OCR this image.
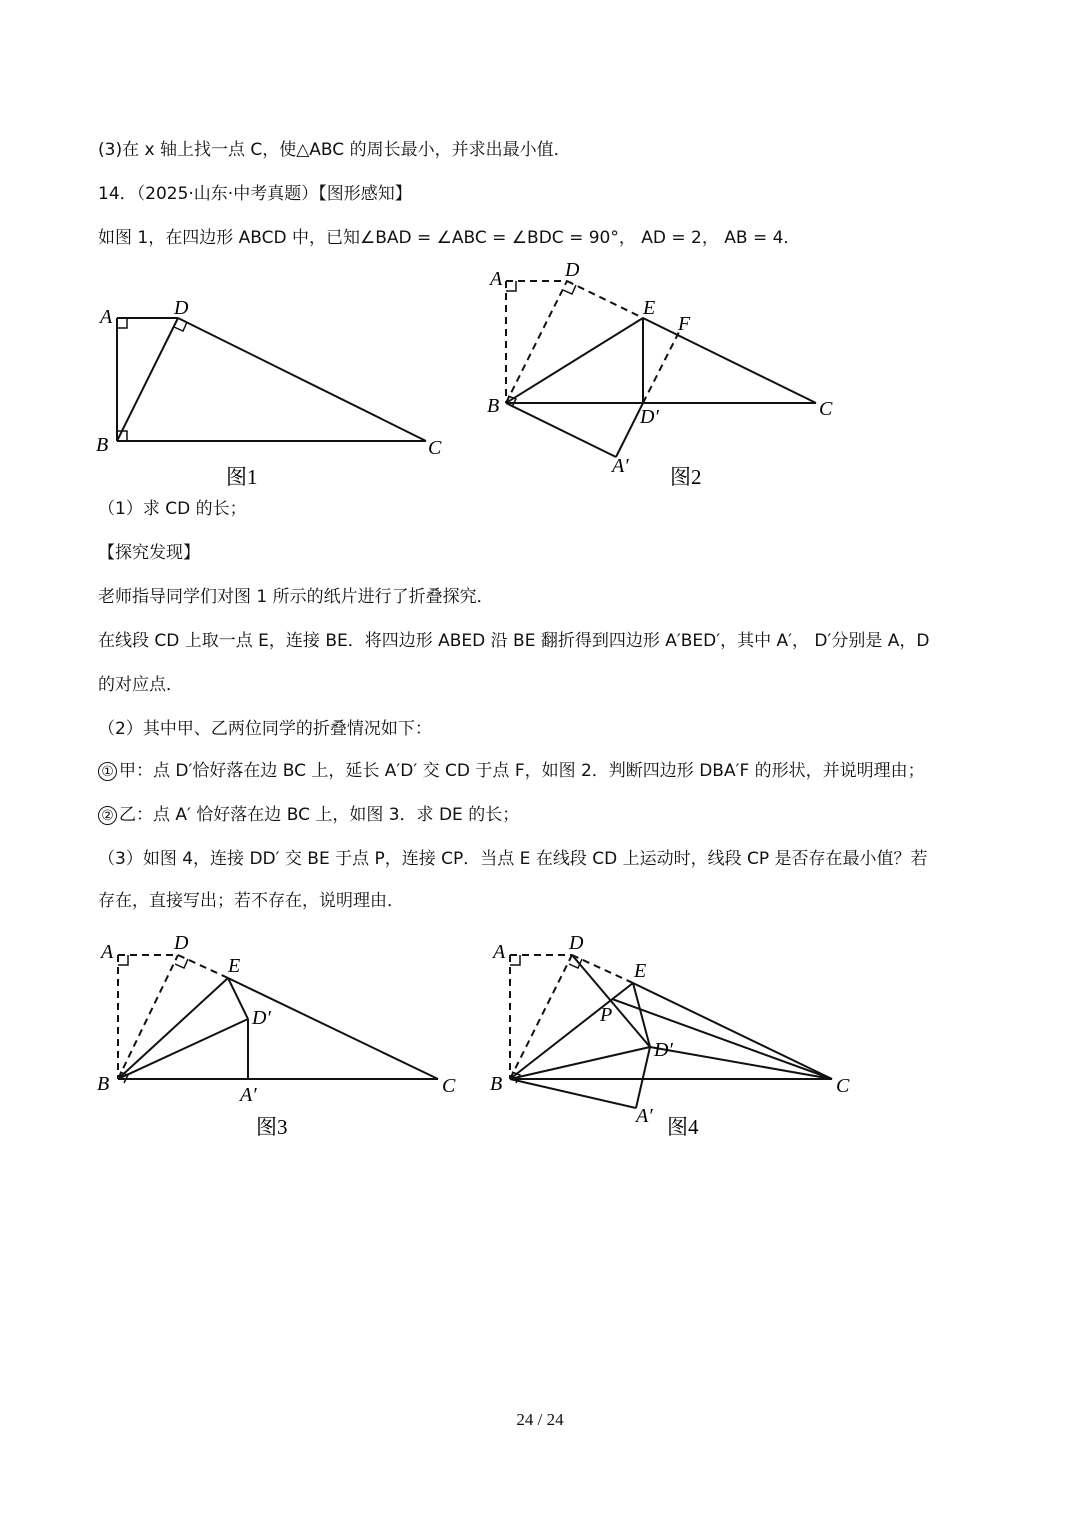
(3)在 x 轴上找一点 C，使△ABC 的周长最小，并求出最小值．
14．（2025·山东·中考真题）【图形感知】
如图 1，在四边形 ABCD 中，已知∠BAD = ∠ABC = ∠BDC = 90°， AD = 2， AB = 4．
（1）求 CD 的长；
【探究发现】
老师指导同学们对图 1 所示的纸片进行了折叠探究．
在线段 CD 上取一点 E，连接 BE．将四边形 ABED 沿 BE 翻折得到四边形 A′BED′，其中 A′， D′分别是 A，D
的对应点．
（2）其中甲、乙两位同学的折叠情况如下：
① 甲：点 D′恰好落在边 BC 上，延长 A′D′ 交 CD 于点 F，如图 2．判断四边形 DBA′F 的形状，并说明理由；
② 乙：点 A′ 恰好落在边 BC 上，如图 3．求 DE 的长；
（3）如图 4，连接 DD′ 交 BE 于点 P，连接 CP．当点 E 在线段 CD 上运动时，线段 CP 是否存在最小值？若
存在，直接写出；若不存在，说明理由．
A	D
B	C
图1
A	D
E
F
B	D′	C
A′ 图2
A	D
E
D′
B	A′	C
图3
A	D
E
P
D′
B	C
A′ 图4
24 / 24
